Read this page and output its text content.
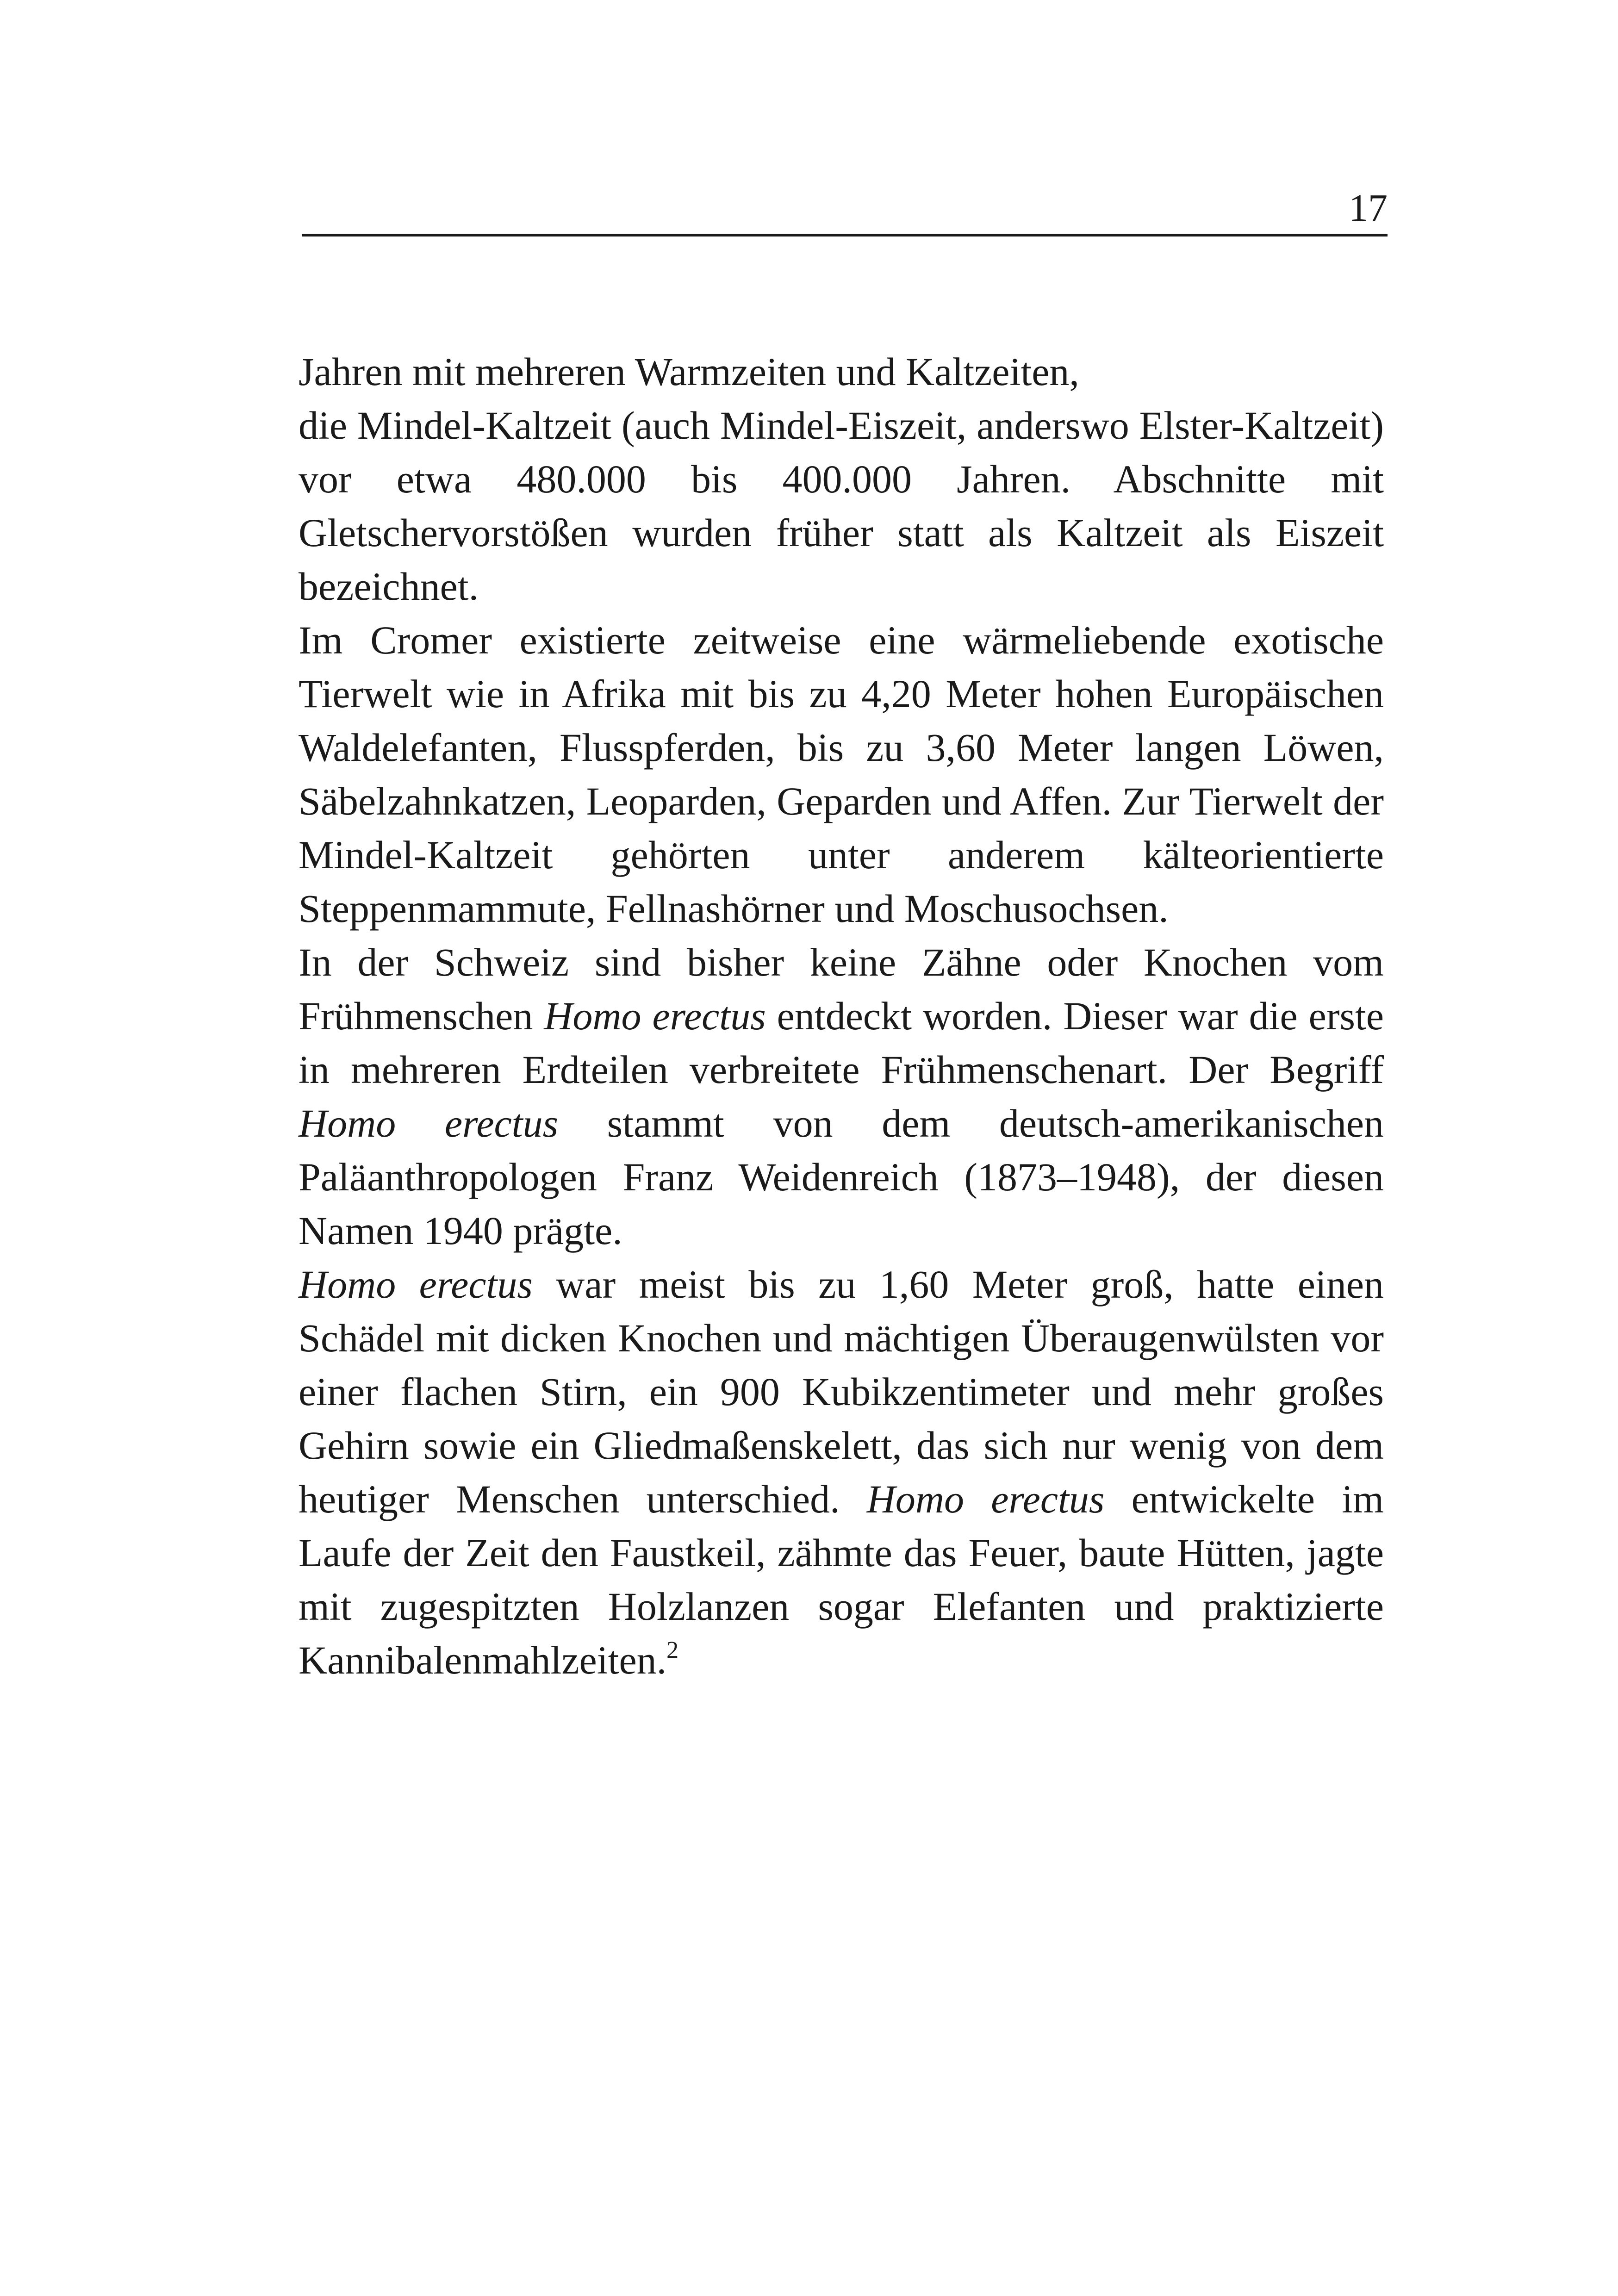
17

Jahren mit mehreren Warmzeiten und Kaltzeiten,

die Mindel-Kaltzeit (auch Mindel-Eiszeit, anderswo Elster-Kaltzeit) vor etwa 480.000 bis 400.000 Jahren. Abschnitte mit Gletschervorstößen wurden früher statt als Kaltzeit als Eiszeit bezeichnet.

Im Cromer existierte zeitweise eine wärmeliebende exotische Tierwelt wie in Afrika mit bis zu 4,20 Meter hohen Europäischen Waldelefanten, Flusspferden, bis zu 3,60 Meter langen Löwen, Säbelzahnkatzen, Leoparden, Geparden und Affen. Zur Tierwelt der Mindel-Kaltzeit gehörten unter anderem kälteorientierte Steppenmammute, Fellnashörner und Moschusochsen.

In der Schweiz sind bisher keine Zähne oder Knochen vom Frühmenschen Homo erectus entdeckt worden. Dieser war die erste in mehreren Erdteilen verbreitete Frühmenschenart. Der Begriff Homo erectus stammt von dem deutsch-amerikanischen Paläanthropologen Franz Weidenreich (1873–1948), der diesen Namen 1940 prägte.

Homo erectus war meist bis zu 1,60 Meter groß, hatte einen Schädel mit dicken Knochen und mächtigen Überaugenwülsten vor einer flachen Stirn, ein 900 Kubikzentimeter und mehr großes Gehirn sowie ein Gliedmaßenskelett, das sich nur wenig von dem heutiger Menschen unterschied. Homo erectus entwickelte im Laufe der Zeit den Faustkeil, zähmte das Feuer, baute Hütten, jagte mit zugespitzten Holzlanzen sogar Elefanten und praktizierte Kannibalenmahlzeiten.$^2$
